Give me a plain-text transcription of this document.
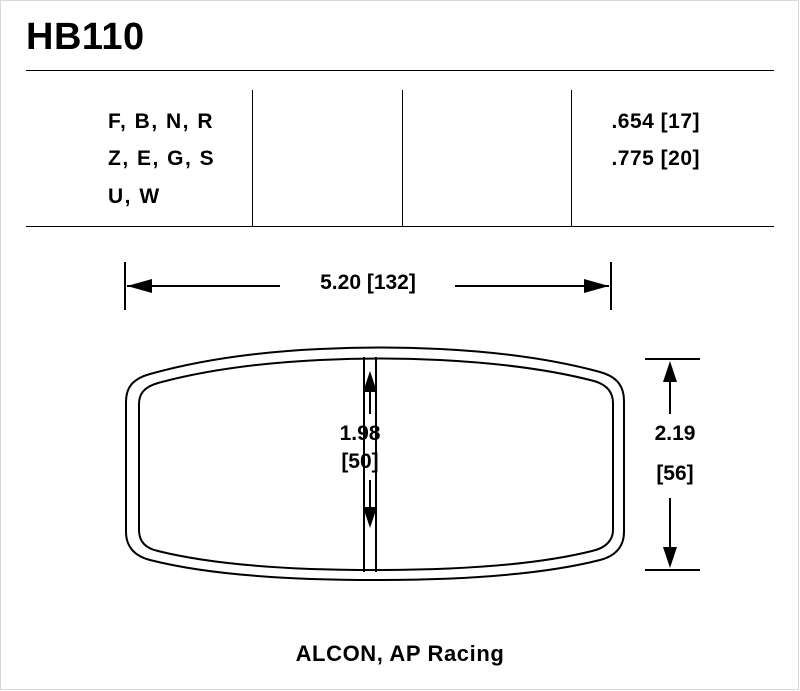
HB110
F, B, N, R
Z, E, G, S
U, W
.654 [17]
.775 [20]
5.20 [132]
1.98
[50]
2.19
[56]
ALCON, AP Racing
